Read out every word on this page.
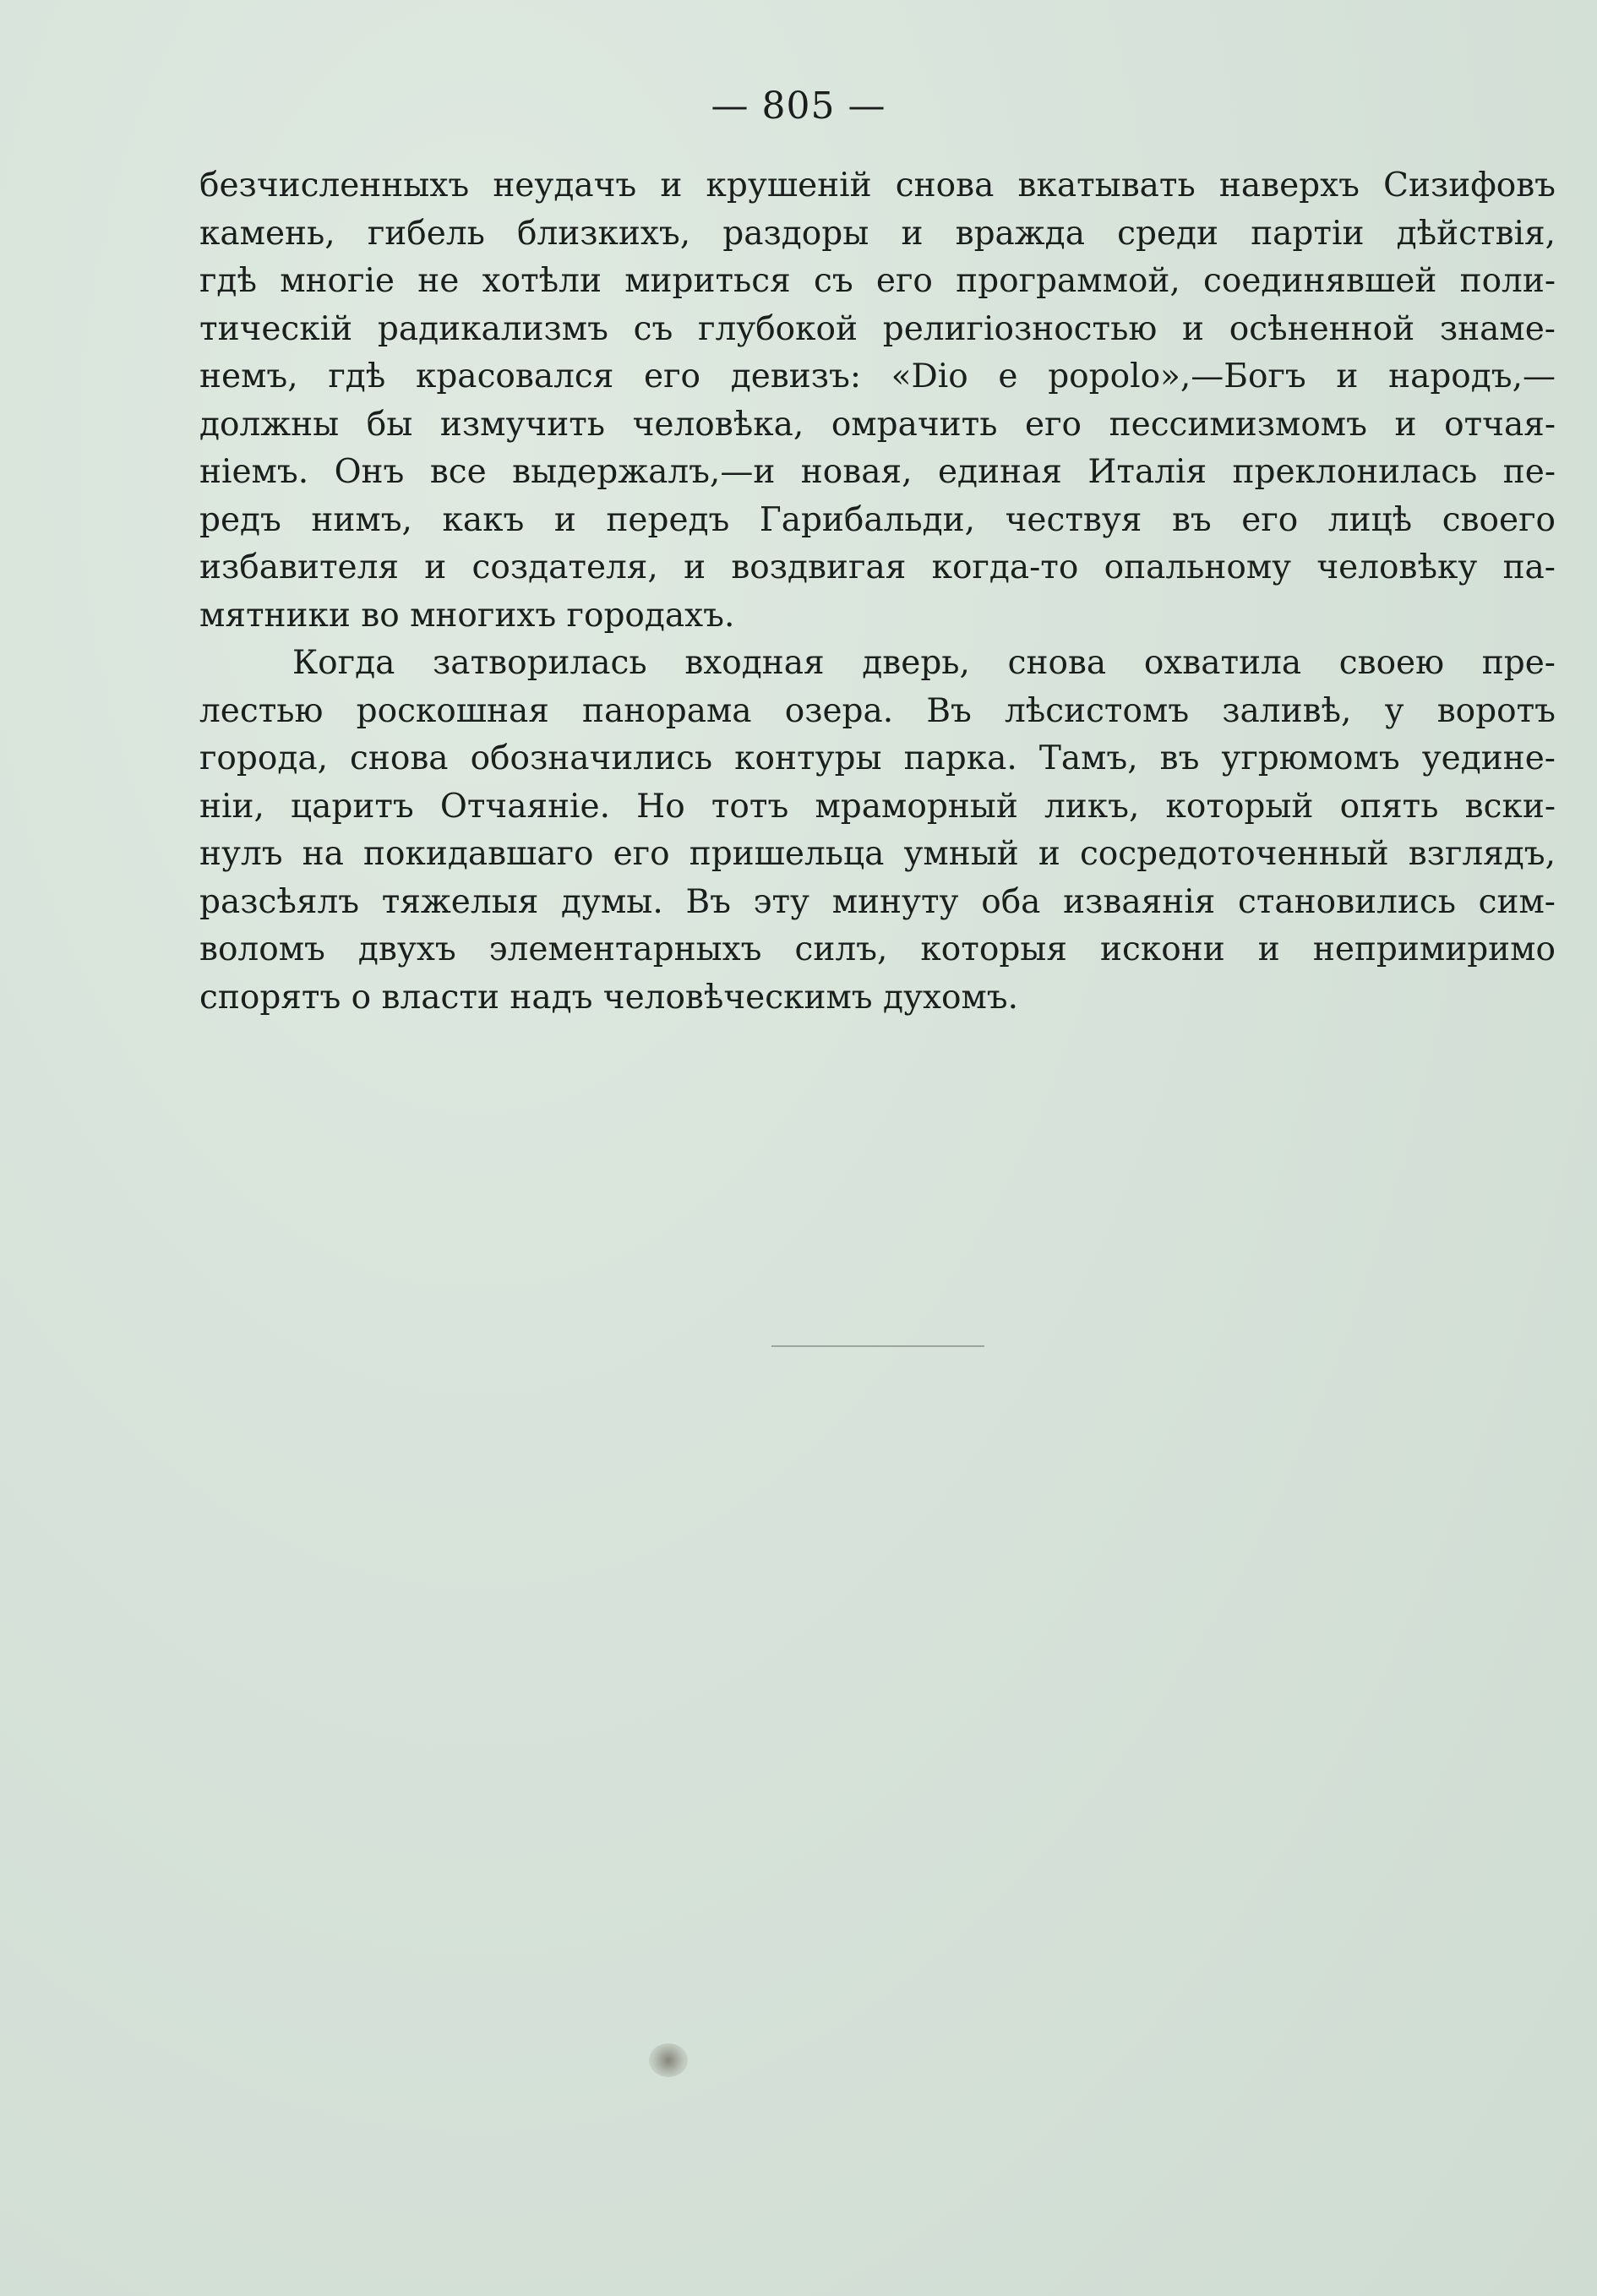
— 805 —
безчисленныхъ неудачъ и крушеній снова вкатывать наверхъ Сизифовъ
камень, гибель близкихъ, раздоры и вражда среди партіи дѣйствія,
гдѣ многіе не хотѣли мириться съ его программой, соединявшей поли-
тическій радикализмъ съ глубокой религіозностью и осѣненной знаме-
немъ, гдѣ красовался его девизъ: «Dio e popolo»,—Богъ и народъ,—
должны бы измучить человѣка, омрачить его пессимизмомъ и отчая-
ніемъ. Онъ все выдержалъ,—и новая, единая Италія преклонилась пе-
редъ нимъ, какъ и передъ Гарибальди, чествуя въ его лицѣ своего
избавителя и создателя, и воздвигая когда-то опальному человѣку па-
мятники во многихъ городахъ.
Когда затворилась входная дверь, снова охватила своею пре-
лестью роскошная панорама озера. Въ лѣсистомъ заливѣ, у воротъ
города, снова обозначились контуры парка. Тамъ, въ угрюмомъ уедине-
ніи, царитъ Отчаяніе. Но тотъ мраморный ликъ, который опять вски-
нулъ на покидавшаго его пришельца умный и сосредоточенный взглядъ,
разсѣялъ тяжелыя думы. Въ эту минуту оба изваянія становились сим-
воломъ двухъ элементарныхъ силъ, которыя искони и непримиримо
спорятъ о власти надъ человѣческимъ духомъ.
